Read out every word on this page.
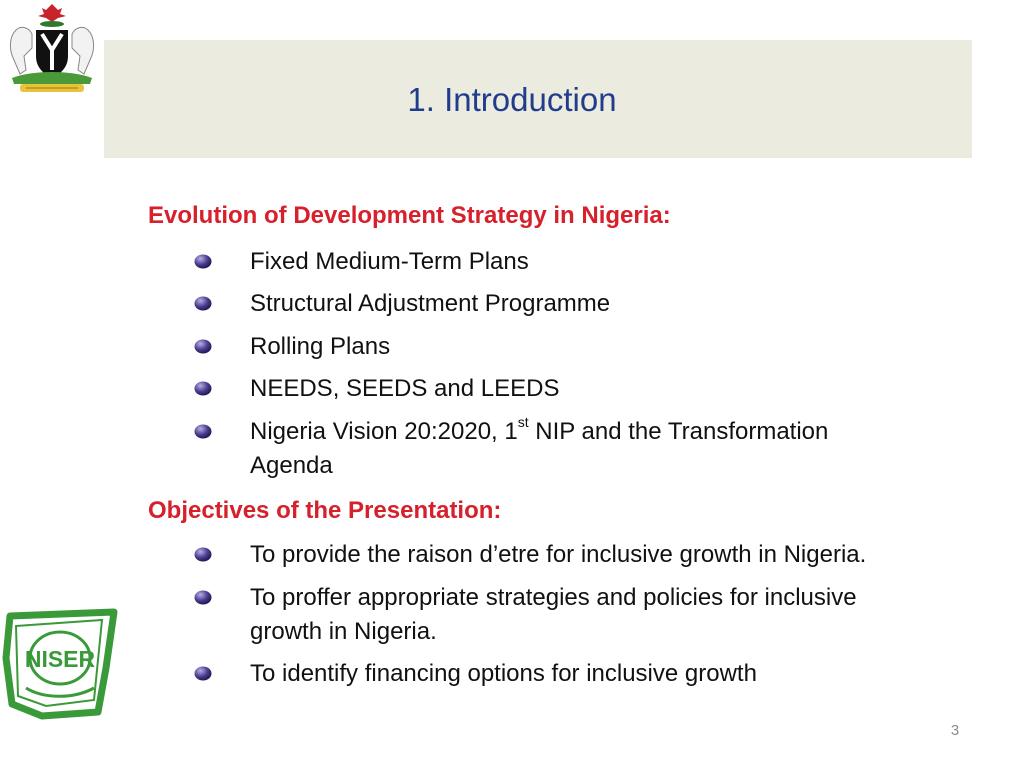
1. Introduction
Evolution of Development Strategy in Nigeria:
Fixed Medium-Term Plans
Structural Adjustment Programme
Rolling Plans
NEEDS, SEEDS and LEEDS
Nigeria Vision 20:2020, 1st NIP and the Transformation
Agenda
Objectives of the Presentation:
To provide the raison d’etre for inclusive growth in Nigeria.
To proffer appropriate strategies and policies for inclusive
growth in Nigeria.
To identify financing options for inclusive growth
NISER
3
